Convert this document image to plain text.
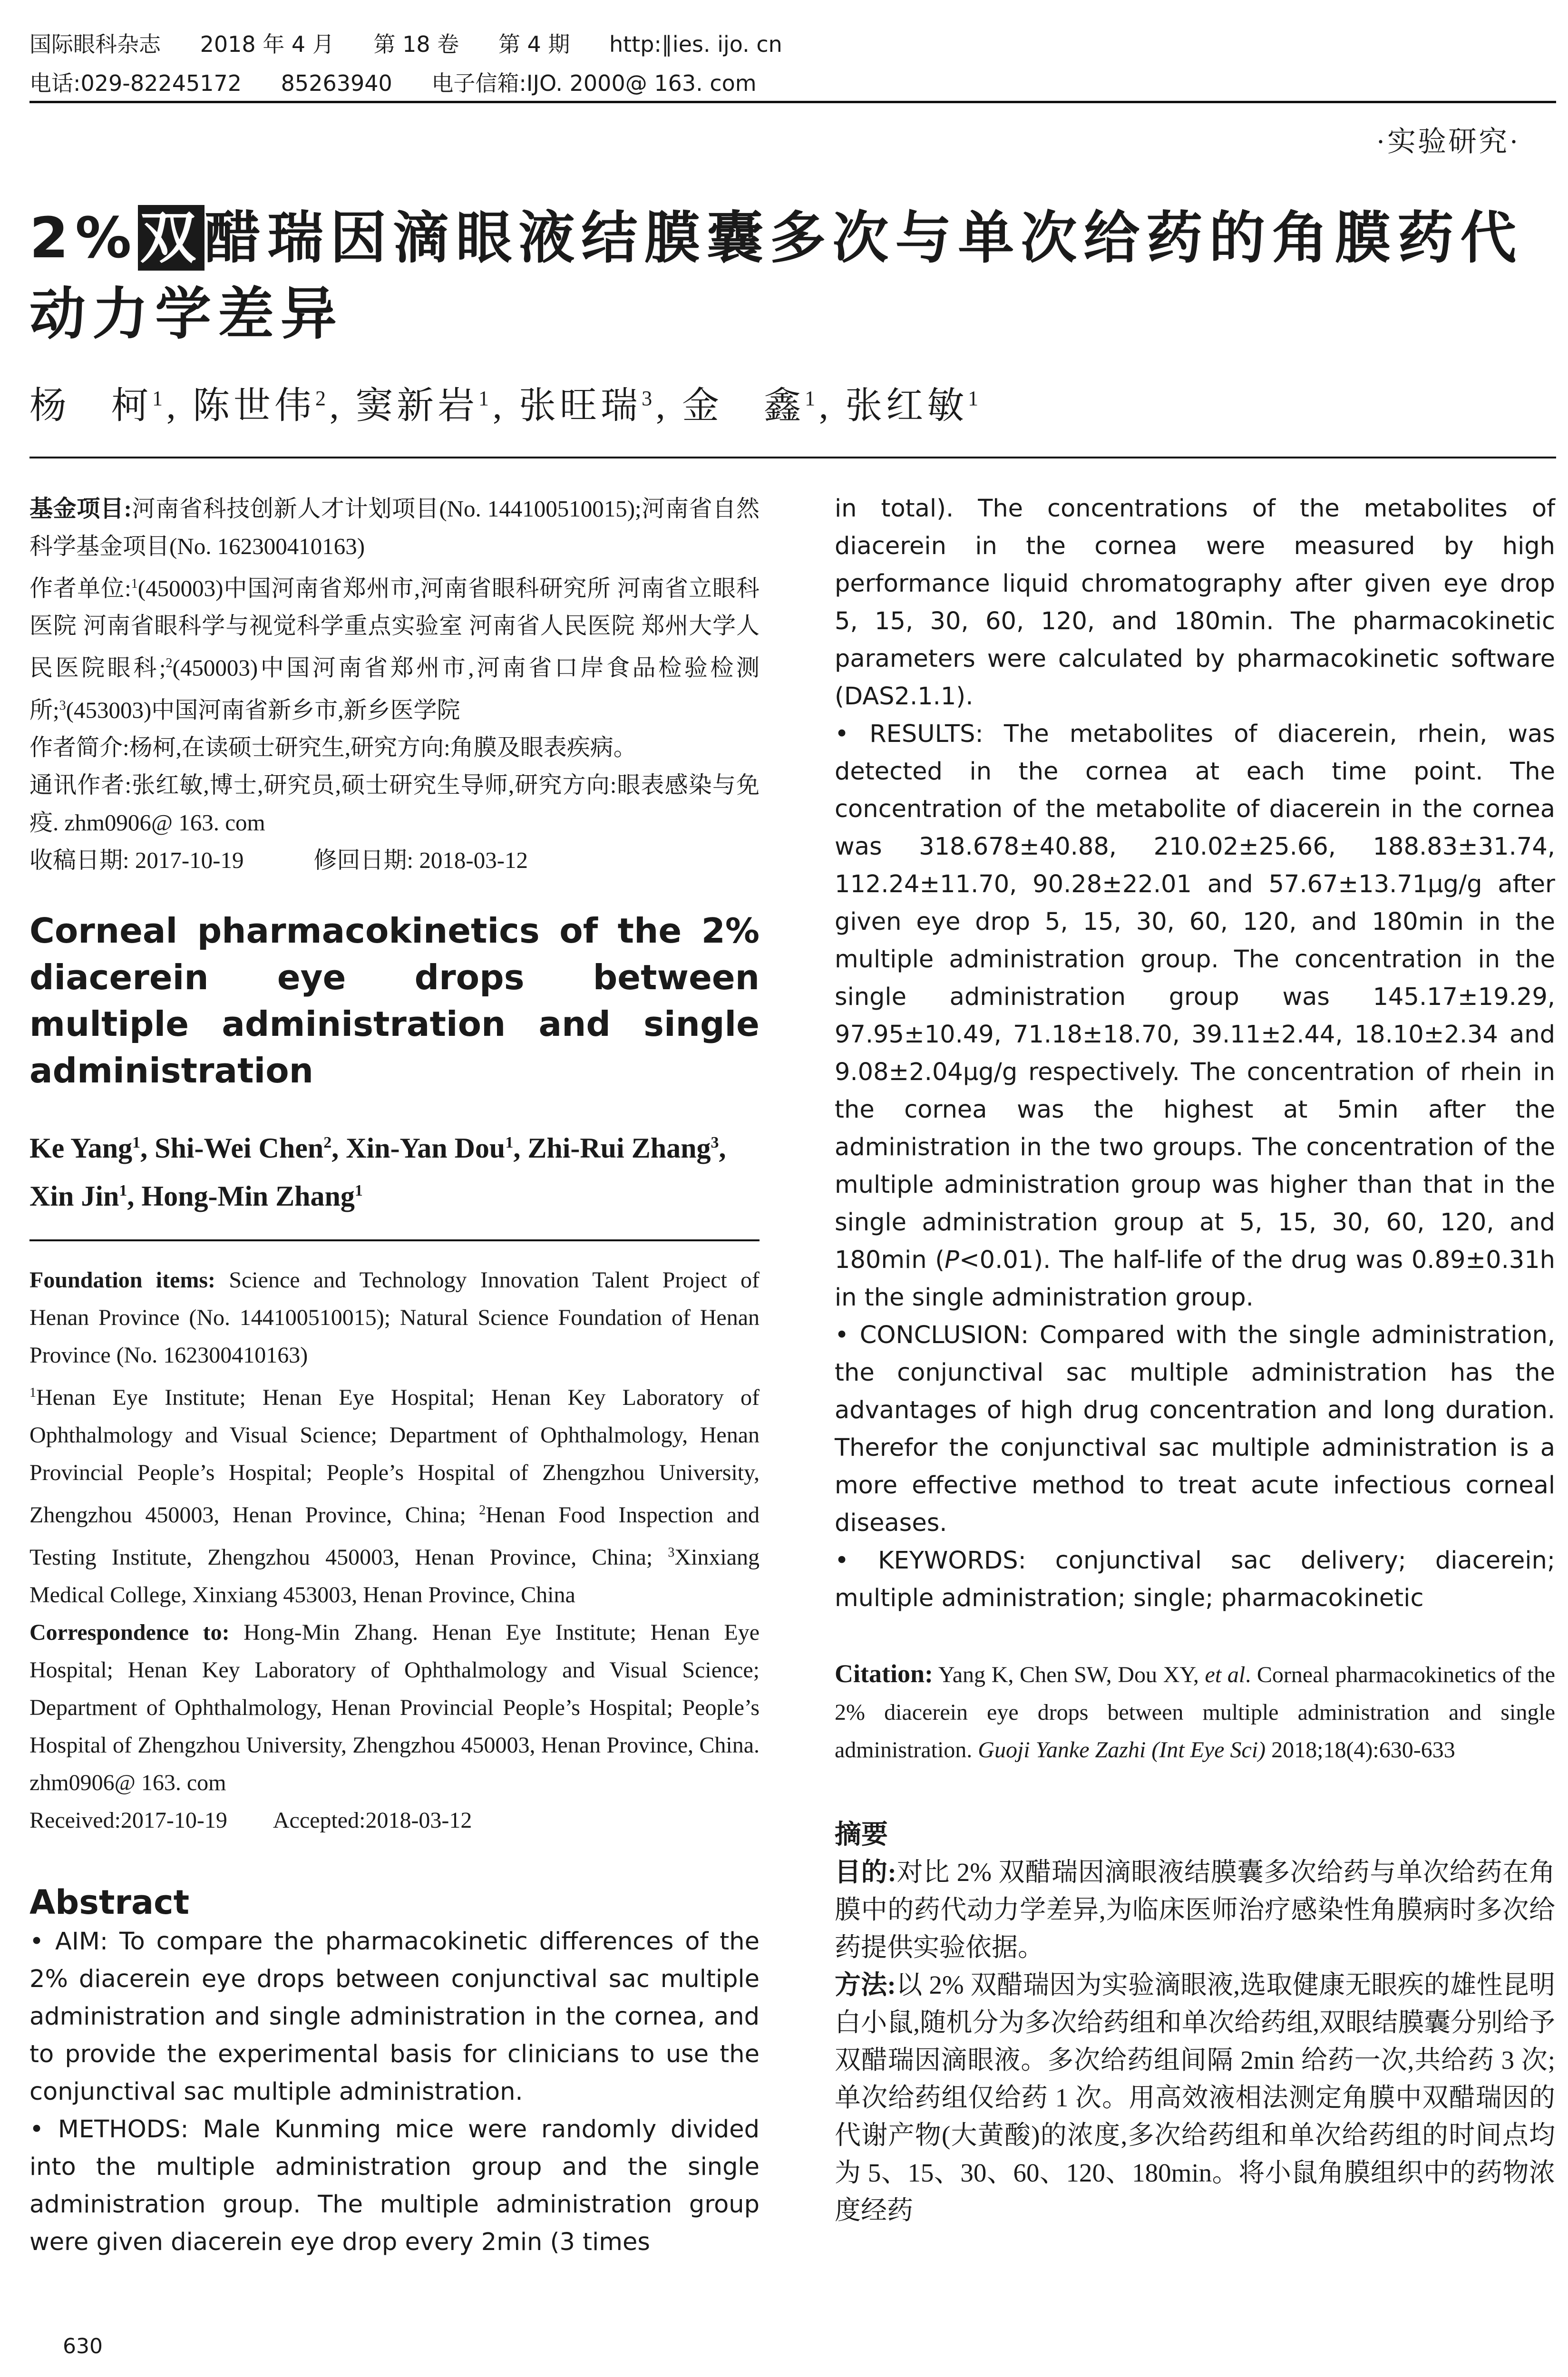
国际眼科杂志 2018 年 4 月 第 18 卷 第 4 期 http:∥ies. ijo. cn
电话:029-82245172 85263940 电子信箱:IJO. 2000@ 163. com
·实验研究·
2%双醋瑞因滴眼液结膜囊多次与单次给药的角膜药代动力学差异
杨　柯$^1$, 陈世伟$^2$, 窦新岩$^1$, 张旺瑞$^3$, 金　鑫$^1$, 张红敏$^1$
基金项目:河南省科技创新人才计划项目(No. 144100510015);河南省自然科学基金项目(No. 162300410163)
作者单位:$^1$(450003)中国河南省郑州市,河南省眼科研究所 河南省立眼科医院 河南省眼科学与视觉科学重点实验室 河南省人民医院 郑州大学人民医院眼科;$^2$(450003)中国河南省郑州市,河南省口岸食品检验检测所;$^3$(453003)中国河南省新乡市,新乡医学院
作者简介:杨柯,在读硕士研究生,研究方向:角膜及眼表疾病。
通讯作者:张红敏,博士,研究员,硕士研究生导师,研究方向:眼表感染与免疫. zhm0906@ 163. com
收稿日期: 2017-10-19　　　	修回日期: 2018-03-12
Corneal pharmacokinetics of the 2% diacerein eye drops between multiple administration and single administration
Ke Yang$^1$, Shi-Wei Chen$^2$, Xin-Yan Dou$^1$, Zhi-Rui Zhang$^3$, Xin Jin$^1$, Hong-Min Zhang$^1$
Foundation items: Science and Technology Innovation Talent Project of Henan Province (No. 144100510015); Natural Science Foundation of Henan Province (No. 162300410163)
$^1$Henan Eye Institute; Henan Eye Hospital; Henan Key Laboratory of Ophthalmology and Visual Science; Department of Ophthalmology, Henan Provincial People’s Hospital; People’s Hospital of Zhengzhou University, Zhengzhou 450003, Henan Province, China; $^2$Henan Food Inspection and Testing Institute, Zhengzhou 450003, Henan Province, China; $^3$Xinxiang Medical College, Xinxiang 453003, Henan Province, China
Correspondence to: Hong-Min Zhang. Henan Eye Institute; Henan Eye Hospital; Henan Key Laboratory of Ophthalmology and Visual Science; Department of Ophthalmology, Henan Provincial People’s Hospital; People’s Hospital of Zhengzhou University, Zhengzhou 450003, Henan Province, China. zhm0906@ 163. com
Received:2017-10-19　　 Accepted:2018-03-12
Abstract
• AIM: To compare the pharmacokinetic differences of the 2% diacerein eye drops between conjunctival sac multiple administration and single administration in the cornea, and to provide the experimental basis for clinicians to use the conjunctival sac multiple administration.
• METHODS: Male Kunming mice were randomly divided into the multiple administration group and the single administration group. The multiple administration group were given diacerein eye drop every 2min (3 times
in total). The concentrations of the metabolites of diacerein in the cornea were measured by high performance liquid chromatography after given eye drop 5, 15, 30, 60, 120, and 180min. The pharmacokinetic parameters were calculated by pharmacokinetic software (DAS2.1.1).
• RESULTS: The metabolites of diacerein, rhein, was detected in the cornea at each time point. The concentration of the metabolite of diacerein in the cornea was 318.678±40.88, 210.02±25.66, 188.83±31.74, 112.24±11.70, 90.28±22.01 and 57.67±13.71μg/g after given eye drop 5, 15, 30, 60, 120, and 180min in the multiple administration group. The concentration in the single administration group was 145.17±19.29, 97.95±10.49, 71.18±18.70, 39.11±2.44, 18.10±2.34 and 9.08±2.04μg/g respectively. The concentration of rhein in the cornea was the highest at 5min after the administration in the two groups. The concentration of the multiple administration group was higher than that in the single administration group at 5, 15, 30, 60, 120, and 180min (P<0.01). The half-life of the drug was 0.89±0.31h in the single administration group.
• CONCLUSION: Compared with the single administration, the conjunctival sac multiple administration has the advantages of high drug concentration and long duration. Therefor the conjunctival sac multiple administration is a more effective method to treat acute infectious corneal diseases.
• KEYWORDS: conjunctival sac delivery; diacerein; multiple administration; single; pharmacokinetic
Citation: Yang K, Chen SW, Dou XY, et al. Corneal pharmacokinetics of the 2% diacerein eye drops between multiple administration and single administration. Guoji Yanke Zazhi (Int Eye Sci) 2018;18(4):630-633
摘要
目的:对比 2% 双醋瑞因滴眼液结膜囊多次给药与单次给药在角膜中的药代动力学差异,为临床医师治疗感染性角膜病时多次给药提供实验依据。
方法:以 2% 双醋瑞因为实验滴眼液,选取健康无眼疾的雄性昆明白小鼠,随机分为多次给药组和单次给药组,双眼结膜囊分别给予双醋瑞因滴眼液。多次给药组间隔 2min 给药一次,共给药 3 次;单次给药组仅给药 1 次。用高效液相法测定角膜中双醋瑞因的代谢产物(大黄酸)的浓度,多次给药组和单次给药组的时间点均为 5、15、30、60、120、180min。将小鼠角膜组织中的药物浓度经药
630
